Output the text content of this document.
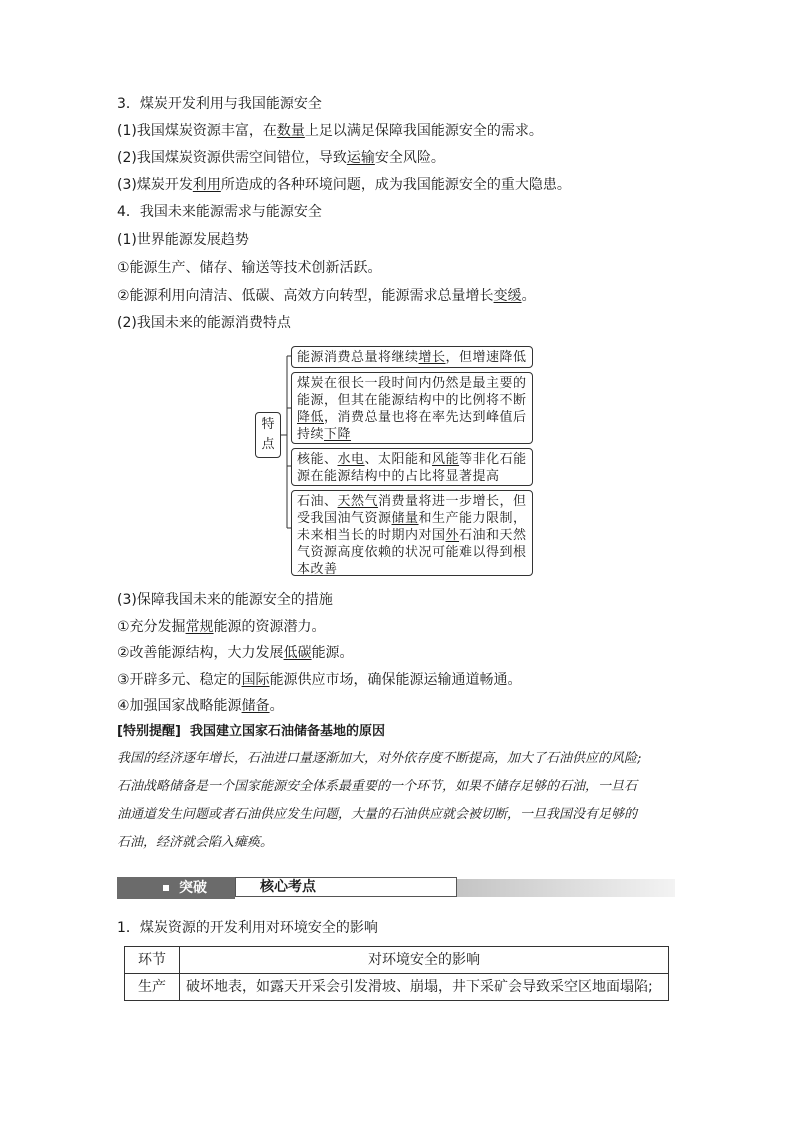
3．煤炭开发利用与我国能源安全
(1)我国煤炭资源丰富，在数量上足以满足保障我国能源安全的需求。
(2)我国煤炭资源供需空间错位，导致运输安全风险。
(3)煤炭开发利用所造成的各种环境问题，成为我国能源安全的重大隐患。
4．我国未来能源需求与能源安全
(1)世界能源发展趋势
①能源生产、储存、输送等技术创新活跃。
②能源利用向清洁、低碳、高效方向转型，能源需求总量增长变缓。
(2)我国未来的能源消费特点
特点
能源消费总量将继续增长，但增速降低
煤炭在很长一段时间内仍然是最主要的能源，但其在能源结构中的比例将不断降低，消费总量也将在率先达到峰值后持续下降
核能、水电、太阳能和风能等非化石能源在能源结构中的占比将显著提高
石油、天然气消费量将进一步增长，但受我国油气资源储量和生产能力限制，未来相当长的时期内对国外石油和天然气资源高度依赖的状况可能难以得到根本改善
(3)保障我国未来的能源安全的措施
①充分发掘常规能源的资源潜力。
②改善能源结构，大力发展低碳能源。
③开辟多元、稳定的国际能源供应市场，确保能源运输通道畅通。
④加强国家战略能源储备。
[特别提醒] 我国建立国家石油储备基地的原因
我国的经济逐年增长，石油进口量逐渐加大，对外依存度不断提高，加大了石油供应的风险;
石油战略储备是一个国家能源安全体系最重要的一个环节，如果不储存足够的石油，一旦石
油通道发生问题或者石油供应发生问题，大量的石油供应就会被切断，一旦我国没有足够的
石油，经济就会陷入瘫痪。
突破	核心考点
1．煤炭资源的开发利用对环境安全的影响
环节	对环境安全的影响
生产	破坏地表，如露天开采会引发滑坡、崩塌，井下采矿会导致采空区地面塌陷;
